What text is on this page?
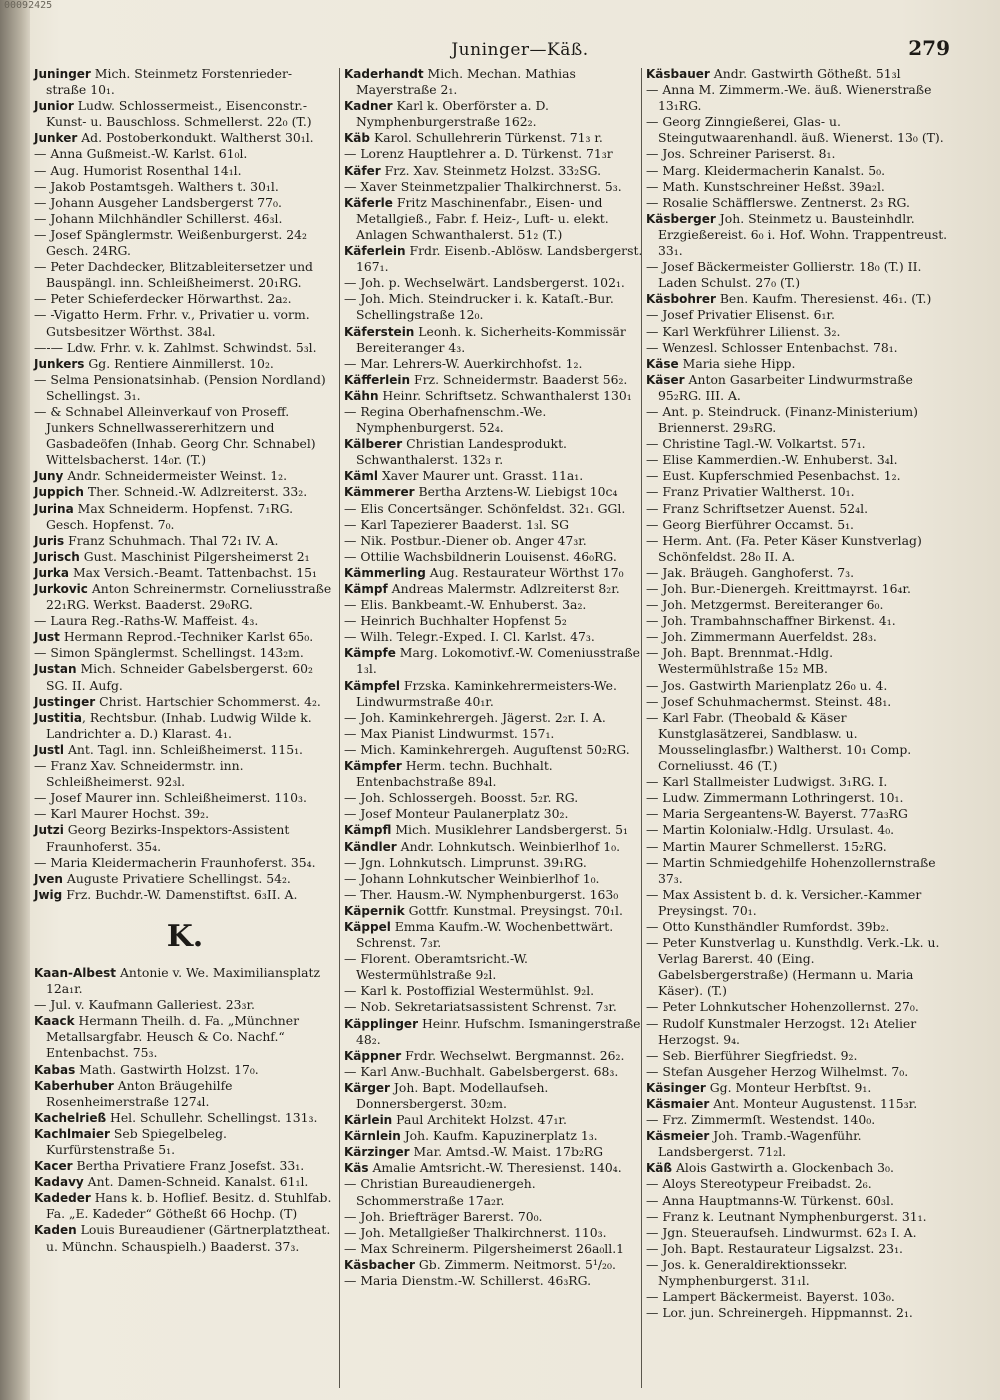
00092425
Juninger—Käß.	279

Juninger Mich. Steinmetz Forstenrieder- straße 10₁.

Junior Ludw. Schlossermeist., Eisenconstr.- Kunst- u. Bauschloss. Schmellerst. 22₀ (T.)

Junker Ad. Postoberkondukt. Waltherst 30₁l.

— Anna Gußmeist.-W. Karlst. 61₀l.

— Aug. Humorist Rosenthal 14₁l.

— Jakob Postamtsgeh. Walthers t. 30₁l.

— Johann Ausgeher Landsbergerst 77₀.

— Johann Milchhändler Schillerst. 46₃l.

— Josef Spänglermstr. Weißenburgerst. 24₂ Gesch. 24RG.

— Peter Dachdecker, Blitzableitersetzer und Bauspängl. inn. Schleißheimerst. 20₁RG.

— Peter Schieferdecker Hörwarthst. 2a₂.

— -Vigatto Herm. Frhr. v., Privatier u. vorm. Gutsbesitzer Wörthst. 38₄l.

—-— Ldw. Frhr. v. k. Zahlmst. Schwindst. 5₃l.

Junkers Gg. Rentiere Ainmillerst. 10₂.

— Selma Pensionatsinhab. (Pension Nordland) Schellingst. 3₁.

— & Schnabel Alleinverkauf von Proseff. Junkers Schnellwassererhitzern und Gasbadeöfen (Inhab. Georg Chr. Schnabel) Wittelsbacherst. 14₀r. (T.)

Juny Andr. Schneidermeister Weinst. 1₂.

Juppich Ther. Schneid.-W. Adlzreiterst. 33₂.

Jurina Max Schneiderm. Hopfenst. 7₁RG. Gesch. Hopfenst. 7₀.

Juris Franz Schuhmach. Thal 72₁ IV. A.

Jurisch Gust. Maschinist Pilgersheimerst 2₁

Jurka Max Versich.-Beamt. Tattenbachst. 15₁

Jurkovic Anton Schreinermstr. Corneliusstraße 22₁RG. Werkst. Baaderst. 29₀RG.

— Laura Reg.-Raths-W. Maffeist. 4₃.

Just Hermann Reprod.-Techniker Karlst 65₀.

— Simon Spänglermst. Schellingst. 143₂m.

Justan Mich. Schneider Gabelsbergerst. 60₂ SG. II. Aufg.

Justinger Christ. Hartschier Schommerst. 4₂.

Justitia, Rechtsbur. (Inhab. Ludwig Wilde k. Landrichter a. D.) Klarast. 4₁.

Justl Ant. Tagl. inn. Schleißheimerst. 115₁.

— Franz Xav. Schneidermstr. inn. Schleißheimerst. 92₃l.

— Josef Maurer inn. Schleißheimerst. 110₃.

— Karl Maurer Hochst. 39₂.

Jutzi Georg Bezirks-Inspektors-Assistent Fraunhoferst. 35₄.

— Maria Kleidermacherin Fraunhoferst. 35₄.

Jven Auguste Privatiere Schellingst. 54₂.

Jwig Frz. Buchdr.-W. Damenstiftst. 6₃II. A.

K.

Kaan-Albest Antonie v. We. Maximiliansplatz 12a₁r.

— Jul. v. Kaufmann Galleriest. 23₃r.

Kaack Hermann Theilh. d. Fa. „Münchner Metallsargfabr. Heusch & Co. Nachf.“ Entenbachst. 75₃.

Kabas Math. Gastwirth Holzst. 17₀.

Kaberhuber Anton Bräugehilfe Rosenheimerstraße 127₄l.

Kachelrieß Hel. Schullehr. Schellingst. 131₃.

Kachlmaier Seb Spiegelbeleg. Kurfürstenstraße 5₁.

Kacer Bertha Privatiere Franz Josefst. 33₁.

Kadavy Ant. Damen-Schneid. Kanalst. 61₁l.

Kadeder Hans k. b. Hoflief. Besitz. d. Stuhlfab. Fa. „E. Kadeder“ Götheßt 66 Hochp. (T)

Kaden Louis Bureaudiener (Gärtnerplatztheat. u. Münchn. Schauspielh.) Baaderst. 37₃.

Kaderhandt Mich. Mechan. Mathias Mayerstraße 2₁.

Kadner Karl k. Oberförster a. D. Nymphenburgerstraße 162₂.

Käb Karol. Schullehrerin Türkenst. 71₃ r.

— Lorenz Hauptlehrer a. D. Türkenst. 71₃r

Käfer Frz. Xav. Steinmetz Holzst. 33₂SG.

— Xaver Steinmetzpalier Thalkirchnerst. 5₃.

Käferle Fritz Maschinenfabr., Eisen- und Metallgieß., Fabr. f. Heiz-, Luft- u. elekt. Anlagen Schwanthalerst. 51₂ (T.)

Käferlein Frdr. Eisenb.-Ablösw. Landsbergerst. 167₁.

— Joh. p. Wechselwärt. Landsbergerst. 102₁.

— Joh. Mich. Steindrucker i. k. Kataſt.-Bur. Schellingstraße 12₀.

Käferstein Leonh. k. Sicherheits-Kommissär Bereiteranger 4₃.

— Mar. Lehrers-W. Auerkirchhofst. 1₂.

Käfferlein Frz. Schneidermstr. Baaderst 56₂.

Kähn Heinr. Schriftsetz. Schwanthalerst 130₁

— Regina Oberhafnenschm.-We. Nymphenburgerst. 52₄.

Kälberer Christian Landesprodukt. Schwanthalerst. 132₃ r.

Käml Xaver Maurer unt. Grasst. 11a₁.

Kämmerer Bertha Arztens-W. Liebigst 10c₄

— Elis Concertsänger. Schönfeldst. 32₁. GGl.

— Karl Tapezierer Baaderst. 1₃l. SG

— Nik. Postbur.-Diener ob. Anger 47₃r.

— Ottilie Wachsbildnerin Louisenst. 46₀RG.

Kämmerling Aug. Restaurateur Wörthst 17₀

Kämpf Andreas Malermstr. Adlzreiterst 8₂r.

— Elis. Bankbeamt.-W. Enhuberst. 3a₂.

— Heinrich Buchhalter Hopfenst 5₂

— Wilh. Telegr.-Exped. I. Cl. Karlst. 47₃.

Kämpfe Marg. Lokomotivf.-W. Comeniusstraße 1₃l.

Kämpfel Frzska. Kaminkehrermeisters-We. Lindwurmstraße 40₁r.

— Joh. Kaminkehrergeh. Jägerst. 2₂r. I. A.

— Max Pianist Lindwurmst. 157₁.

— Mich. Kaminkehrergeh. Auguſtenst 50₂RG.

Kämpfer Herm. techn. Buchhalt. Entenbachstraße 89₄l.

— Joh. Schlossergeh. Boosst. 5₂r. RG.

— Josef Monteur Paulanerplatz 30₂.

Kämpfl Mich. Musiklehrer Landsbergerst. 5₁

Kändler Andr. Lohnkutsch. Weinbierlhof 1₀.

— Jgn. Lohnkutsch. Limprunst. 39₁RG.

— Johann Lohnkutscher Weinbierlhof 1₀.

— Ther. Hausm.-W. Nymphenburgerst. 163₀

Käpernik Gottfr. Kunstmal. Preysingst. 70₁l.

Käppel Emma Kaufm.-W. Wochenbettwärt. Schrenst. 7₃r.

— Florent. Oberamtsricht.-W. Westermühlstraße 9₂l.

— Karl k. Postoffizial Westermühlst. 9₂l.

— Nob. Sekretariatsassistent Schrenst. 7₃r.

Käpplinger Heinr. Hufschm. Ismaningerstraße 48₂.

Käppner Frdr. Wechselwt. Bergmannst. 26₂.

— Karl Anw.-Buchhalt. Gabelsbergerst. 68₃.

Kärger Joh. Bapt. Modellaufseh. Donnersbergerst. 30₂m.

Kärlein Paul Architekt Holzst. 47₁r.

Kärnlein Joh. Kaufm. Kapuzinerplatz 1₃.

Kärzinger Mar. Amtsd.-W. Maist. 17b₂RG

Käs Amalie Amtsricht.-W. Theresienst. 140₄.

— Christian Bureaudienergeh. Schommerstraße 17a₂r.

— Joh. Briefträger Barerst. 70₀.

— Joh. Metallgießer Thalkirchnerst. 110₃.

— Max Schreinerm. Pilgersheimerst 26a₀ll.1

Käsbacher Gb. Zimmerm. Neitmorst. 5¹/₂₀.

— Maria Dienstm.-W. Schillerst. 46₃RG.

Käsbauer Andr. Gastwirth Götheßt. 51₃l

— Anna M. Zimmerm.-We. äuß. Wienerstraße 13₁RG.

— Georg Zinngießerei, Glas- u. Steingutwaarenhandl. äuß. Wienerst. 13₀ (T).

— Jos. Schreiner Pariserst. 8₁.

— Marg. Kleidermacherin Kanalst. 5₀.

— Math. Kunstschreiner Heßst. 39a₂l.

— Rosalie Schäfflerswe. Zentnerst. 2₃ RG.

Käsberger Joh. Steinmetz u. Bausteinhdlr. Erzgießereist. 6₀ i. Hof. Wohn. Trappentreust. 33₁.

— Josef Bäckermeister Gollierstr. 18₀ (T.) II. Laden Schulst. 27₀ (T.)

Käsbohrer Ben. Kaufm. Theresienst. 46₁. (T.)

— Josef Privatier Elisenst. 6₁r.

— Karl Werkführer Lilienst. 3₂.

— Wenzesl. Schlosser Entenbachst. 78₁.

Käse Maria siehe Hipp.

Käser Anton Gasarbeiter Lindwurmstraße 95₂RG. III. A.

— Ant. p. Steindruck. (Finanz-Ministerium) Briennerst. 29₃RG.

— Christine Tagl.-W. Volkartst. 57₁.

— Elise Kammerdien.-W. Enhuberst. 3₄l.

— Eust. Kupferschmied Pesenbachst. 1₂.

— Franz Privatier Waltherst. 10₁.

— Franz Schriftsetzer Auenst. 52₄l.

— Georg Bierführer Occamst. 5₁.

— Herm. Ant. (Fa. Peter Käser Kunstverlag) Schönfeldst. 28₀ II. A.

— Jak. Bräugeh. Ganghoferst. 7₃.

— Joh. Bur.-Dienergeh. Kreittmayrst. 16₄r.

— Joh. Metzgermst. Bereiteranger 6₀.

— Joh. Trambahnschaffner Birkenst. 4₁.

— Joh. Zimmermann Auerfeldst. 28₃.

— Joh. Bapt. Brennmat.-Hdlg. Westermühlstraße 15₂ MB.

— Jos. Gastwirth Marienplatz 26₀ u. 4.

— Josef Schuhmachermst. Steinst. 48₁.

— Karl Fabr. (Theobald & Käser Kunstglasätzerei, Sandblasw. u. Mousselinglasfbr.) Waltherst. 10₁ Comp. Corneliusst. 46 (T.)

— Karl Stallmeister Ludwigst. 3₁RG. I.

— Ludw. Zimmermann Lothringerst. 10₁.

— Maria Sergeantens-W. Bayerst. 77a₃RG

— Martin Kolonialw.-Hdlg. Ursulast. 4₀.

— Martin Maurer Schmellerst. 15₂RG.

— Martin Schmiedgehilfe Hohenzollernstraße 37₃.

— Max Assistent b. d. k. Versicher.-Kammer Preysingst. 70₁.

— Otto Kunsthändler Rumfordst. 39b₂.

— Peter Kunstverlag u. Kunsthdlg. Verk.-Lk. u. Verlag Barerst. 40 (Eing. Gabelsbergerstraße) (Hermann u. Maria Käser). (T.)

— Peter Lohnkutscher Hohenzollernst. 27₀.

— Rudolf Kunstmaler Herzogst. 12₁ Atelier Herzogst. 9₄.

— Seb. Bierführer Siegfriedst. 9₂.

— Stefan Ausgeher Herzog Wilhelmst. 7₀.

Käsinger Gg. Monteur Herbſtst. 9₁.

Käsmaier Ant. Monteur Augustenst. 115₃r.

— Frz. Zimmermſt. Westendst. 140₀.

Käsmeier Joh. Tramb.-Wagenführ. Landsbergerst. 71₂l.

Käß Alois Gastwirth a. Glockenbach 3₀.

— Aloys Stereotypeur Freibadst. 2₆.

— Anna Hauptmanns-W. Türkenst. 60₃l.

— Franz k. Leutnant Nymphenburgerst. 31₁.

— Jgn. Steueraufseh. Lindwurmst. 62₃ I. A.

— Joh. Bapt. Restaurateur Ligsalzst. 23₁.

— Jos. k. Generaldirektionssekr. Nymphenburgerst. 31₁l.

— Lampert Bäckermeist. Bayerst. 103₀.

— Lor. jun. Schreinergeh. Hippmannst. 2₁.
